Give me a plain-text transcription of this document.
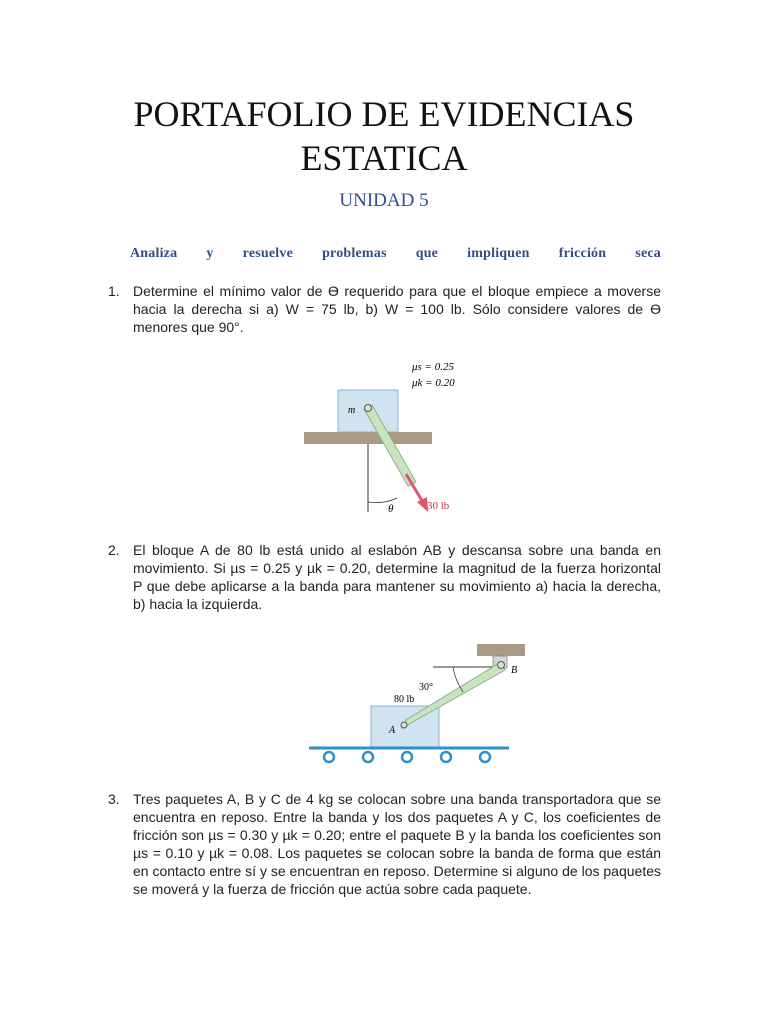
PORTAFOLIO DE EVIDENCIAS
ESTATICA
UNIDAD 5
Analiza y resuelve problemas que impliquen fricción seca
1. Determine el mínimo valor de ϴ requerido para que el bloque empiece a moverse hacia la derecha si a) W = 75 lb, b) W = 100 lb. Sólo considere valores de ϴ menores que 90°.
μs = 0.25
μk = 0.20
m
θ	30 lb
2. El bloque A de 80 lb está unido al eslabón AB y descansa sobre una banda en movimiento. Si µs = 0.25 y µk = 0.20, determine la magnitud de la fuerza horizontal P que debe aplicarse a la banda para mantener su movimiento a) hacia la derecha, b) hacia la izquierda.
30°
80 lb
A
B
3. Tres paquetes A, B y C de 4 kg se colocan sobre una banda transportadora que se encuentra en reposo. Entre la banda y los dos paquetes A y C, los coeficientes de fricción son µs = 0.30 y µk = 0.20; entre el paquete B y la banda los coeficientes son µs = 0.10 y µk = 0.08. Los paquetes se colocan sobre la banda de forma que están en contacto entre sí y se encuentran en reposo. Determine si alguno de los paquetes se moverá y la fuerza de fricción que actúa sobre cada paquete.
